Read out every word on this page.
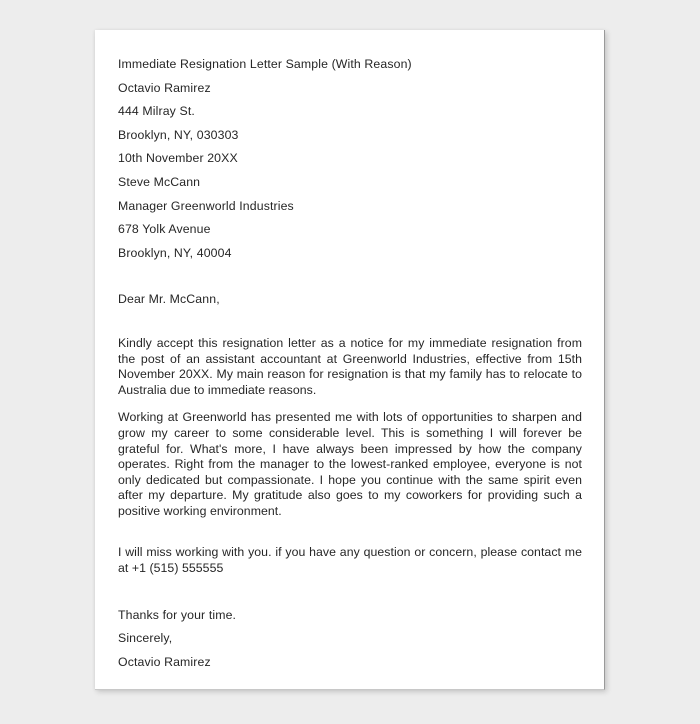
Immediate Resignation Letter Sample (With Reason)
Octavio Ramirez
444 Milray St.
Brooklyn, NY, 030303
10th November 20XX
Steve McCann
Manager Greenworld Industries
678 Yolk Avenue
Brooklyn, NY, 40004
Dear Mr. McCann,

Kindly accept this resignation letter as a notice for my immediate resignation from the post of an assistant accountant at Greenworld Industries, effective from 15th November 20XX. My main reason for resignation is that my family has to relocate to Australia due to immediate reasons.

Working at Greenworld has presented me with lots of opportunities to sharpen and grow my career to some considerable level. This is something I will forever be grateful for. What's more, I have always been impressed by how the company operates. Right from the manager to the lowest-ranked employee, everyone is not only dedicated but compassionate. I hope you continue with the same spirit even after my departure. My gratitude also goes to my coworkers for providing such a positive working environment.

I will miss working with you. if you have any question or concern, please contact me at +1 (515) 555555

Thanks for your time.
Sincerely,
Octavio Ramirez
